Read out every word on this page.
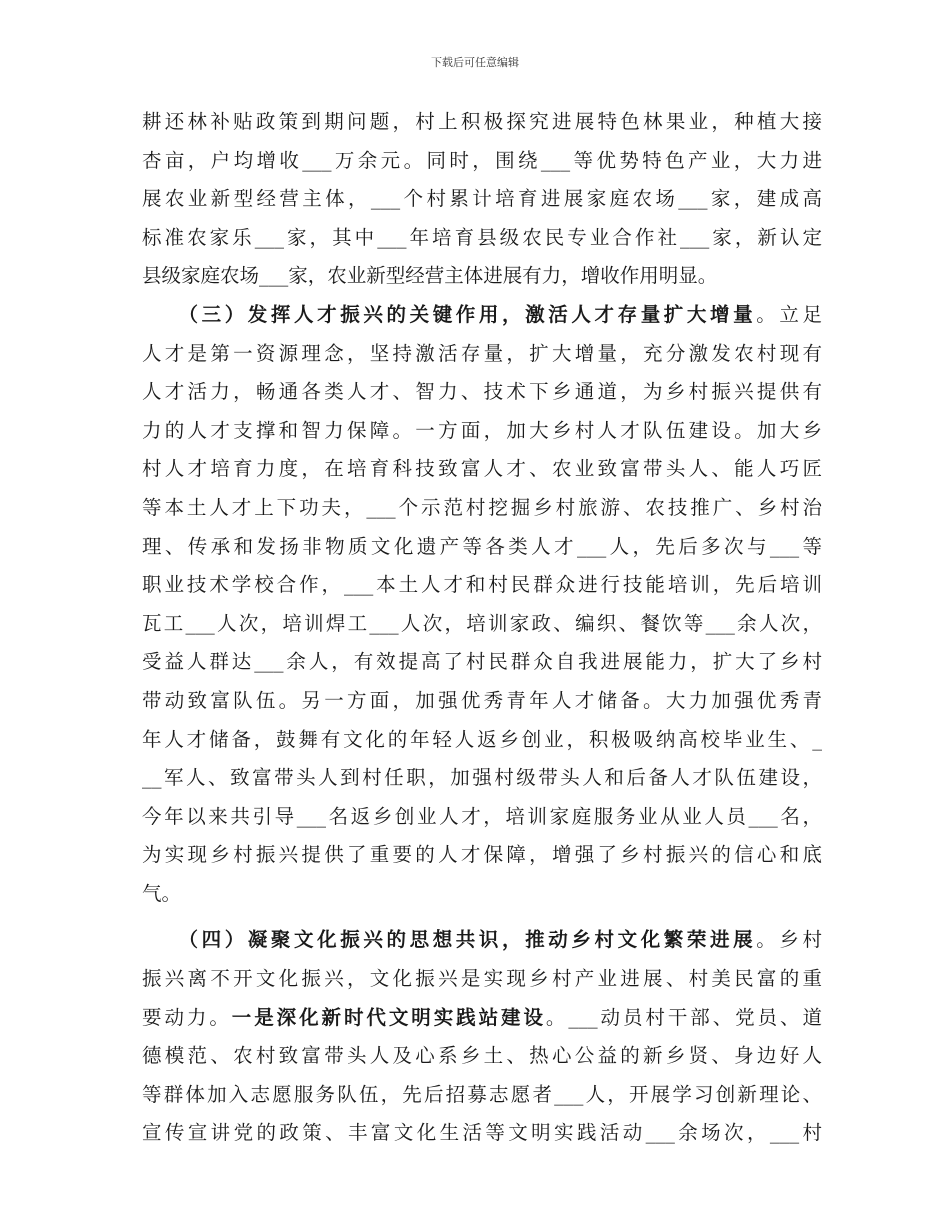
下载后可任意编辑
耕还林补贴政策到期问题，村上积极探究进展特色林果业，种植大接
杏亩，户均增收___万余元。同时，围绕___等优势特色产业，大力进
展农业新型经营主体，___个村累计培育进展家庭农场___家，建成高
标准农家乐___家，其中___年培育县级农民专业合作社___家，新认定
县级家庭农场___家，农业新型经营主体进展有力，增收作用明显。
　　（三）发挥人才振兴的关键作用，激活人才存量扩大增量。立足
人才是第一资源理念，坚持激活存量，扩大增量，充分激发农村现有
人才活力，畅通各类人才、智力、技术下乡通道，为乡村振兴提供有
力的人才支撑和智力保障。一方面，加大乡村人才队伍建设。加大乡
村人才培育力度，在培育科技致富人才、农业致富带头人、能人巧匠
等本土人才上下功夫，___个示范村挖掘乡村旅游、农技推广、乡村治
理、传承和发扬非物质文化遗产等各类人才___人，先后多次与___等
职业技术学校合作，___本土人才和村民群众进行技能培训，先后培训
瓦工___人次，培训焊工___人次，培训家政、编织、餐饮等___余人次，
受益人群达___余人，有效提高了村民群众自我进展能力，扩大了乡村
带动致富队伍。另一方面，加强优秀青年人才储备。大力加强优秀青
年人才储备，鼓舞有文化的年轻人返乡创业，积极吸纳高校毕业生、_
__军人、致富带头人到村任职，加强村级带头人和后备人才队伍建设，
今年以来共引导___名返乡创业人才，培训家庭服务业从业人员___名，
为实现乡村振兴提供了重要的人才保障，增强了乡村振兴的信心和底
气。
　　（四）凝聚文化振兴的思想共识，推动乡村文化繁荣进展。乡村
振兴离不开文化振兴，文化振兴是实现乡村产业进展、村美民富的重
要动力。一是深化新时代文明实践站建设。___动员村干部、党员、道
德模范、农村致富带头人及心系乡土、热心公益的新乡贤、身边好人
等群体加入志愿服务队伍，先后招募志愿者___人，开展学习创新理论、
宣传宣讲党的政策、丰富文化生活等文明实践活动___余场次，___村
